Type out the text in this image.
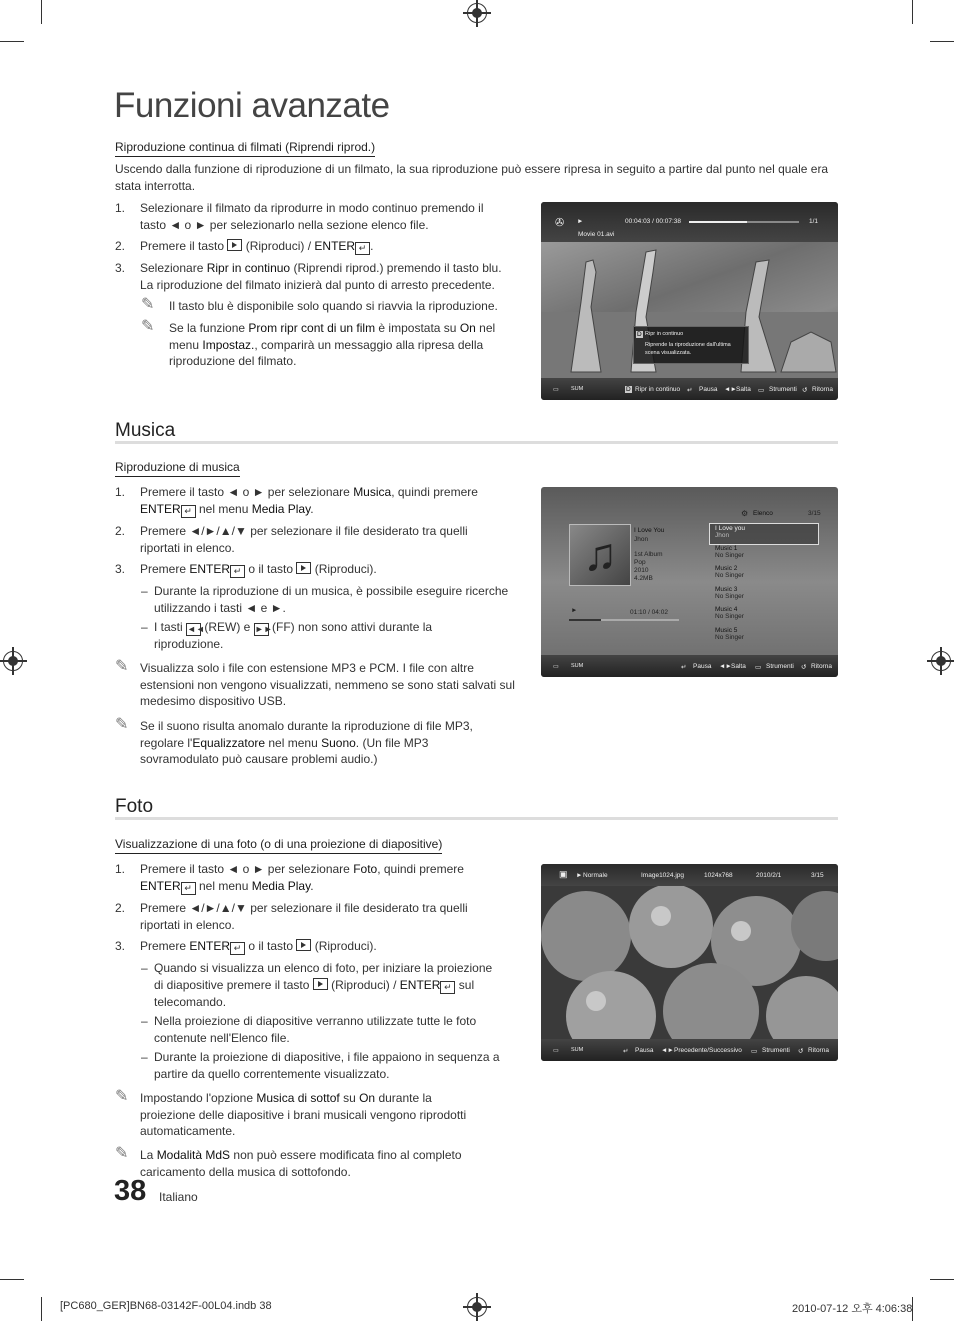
Funzioni avanzate
Riproduzione continua di filmati (Riprendi riprod.)
Uscendo dalla funzione di riproduzione di un filmato, la sua riproduzione può essere ripresa in seguito a partire dal punto nel quale era stata interrotta.
1. Selezionare il filmato da riprodurre in modo continuo premendo il tasto ◄ o ► per selezionarlo nella sezione elenco file.
2. Premere il tasto  (Riproduci) / ENTER ↵ .
3. Selezionare Ripr in continuo (Riprendi riprod.) premendo il tasto blu. La riproduzione del filmato inizierà dal punto di arresto precedente.
✎ Il tasto blu è disponibile solo quando si riavvia la riproduzione.
✎ Se la funzione Prom ripr cont di un film è impostata su On nel menu Impostaz., comparirà un messaggio alla ripresa della riproduzione del filmato.
✇ ►	00:04:03 / 00:07:38	1/1
Movie 01.avi
D Ripr in continuo
Riprende la riproduzione dall'ultima scena visualizzata.
▭ SUM	D Ripr in continuo ↵ Pausa ◄► Salta ▭ Strumenti ↺ Ritorna
Musica
Riproduzione di musica
1. Premere il tasto ◄ o ► per selezionare Musica, quindi premere
ENTER ↵ nel menu Media Play.
2. Premere ◄/►/▲/▼ per selezionare il file desiderato tra quelli riportati in elenco.
3. Premere ENTER ↵ o il tasto  (Riproduci).
– Durante la riproduzione di un musica, è possibile eseguire ricerche utilizzando i tasti ◄ e ►.
– I tasti ◄◄ (REW) e ►► (FF) non sono attivi durante la riproduzione.
✎ Visualizza solo i file con estensione MP3 e PCM. I file con altre estensioni non vengono visualizzati, nemmeno se sono stati salvati sul medesimo dispositivo USB.
✎ Se il suono risulta anomalo durante la riproduzione di file MP3, regolare l'Equalizzatore nel menu Suono. (Un file MP3 sovramodulato può causare problemi audio.)
♫	I Love You
Jhon
1st Album
Pop
2010
4.2MB
►	01:10 / 04:02
⚙ Elenco	3/15
I Love you
Jhon
Music 1
No Singer
Music 2
No Singer
Music 3
No Singer
Music 4
No Singer
Music 5
No Singer
▭ SUM	↵ Pausa ◄► Salta ▭ Strumenti ↺ Ritorna
Foto
Visualizzazione di una foto (o di una proiezione di diapositive)
1. Premere il tasto ◄ o ► per selezionare Foto, quindi premere
ENTER ↵ nel menu Media Play.
2. Premere ◄/►/▲/▼ per selezionare il file desiderato tra quelli riportati in elenco.
3. Premere ENTER ↵ o il tasto  (Riproduci).
– Quando si visualizza un elenco di foto, per iniziare la proiezione di diapositive premere il tasto  (Riproduci) / ENTER ↵ sul telecomando.
– Nella proiezione di diapositive verranno utilizzate tutte le foto contenute nell'Elenco file.
– Durante la proiezione di diapositive, i file appaiono in sequenza a partire da quello correntemente visualizzato.
✎ Impostando l'opzione Musica di sottof su On durante la proiezione delle diapositive i brani musicali vengono riprodotti automaticamente.
✎ La Modalità MdS non può essere modificata fino al completo caricamento della musica di sottofondo.
▣ ► Normale	Image1024.jpg	1024x768	2010/2/1	3/15
▭ SUM	↵ Pausa ◄► Precedente/Successivo ▭ Strumenti ↺ Ritorna
38 Italiano
[PC680_GER]BN68-03142F-00L04.indb 38	2010-07-12 오후 4:06:38
